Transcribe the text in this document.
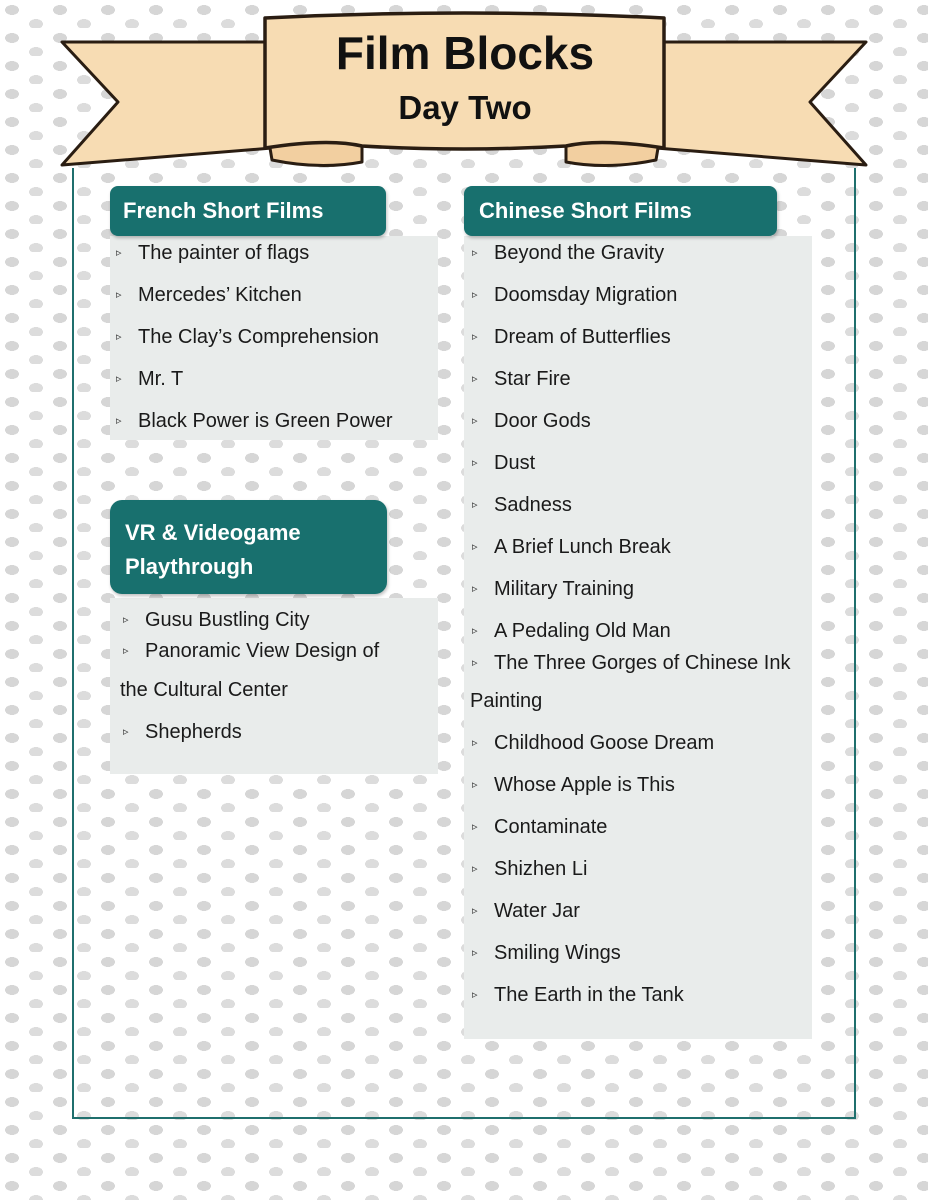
Film Blocks
Day Two
French Short Films
▹ The painter of flags
▹ Mercedes’ Kitchen
▹ The Clay’s Comprehension
▹ Mr. T
▹ Black Power is Green Power
VR & Videogame
Playthrough
▹ Gusu Bustling City
▹ Panoramic View Design of
the Cultural Center
▹ Shepherds
Chinese Short Films
▹ Beyond the Gravity
▹ Doomsday Migration
▹ Dream of Butterflies
▹ Star Fire
▹ Door Gods
▹ Dust
▹ Sadness
▹ A Brief Lunch Break
▹ Military Training
▹ A Pedaling Old Man
▹ The Three Gorges of Chinese Ink
Painting
▹ Childhood Goose Dream
▹ Whose Apple is This
▹ Contaminate
▹ Shizhen Li
▹ Water Jar
▹ Smiling Wings
▹ The Earth in the Tank
